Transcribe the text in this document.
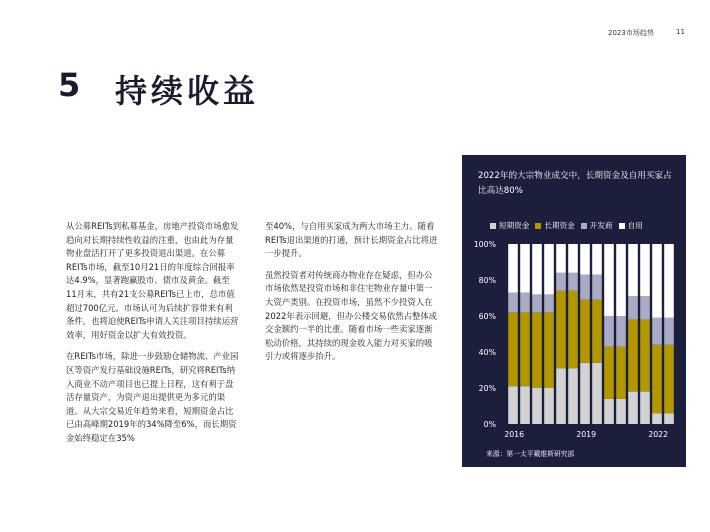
2023市场趋势	11
5 持续收益

从公募REITs到私募基金，房地产投资市场愈发趋向对长期持续性收益的注重，也由此为存量物业盘活打开了更多投资退出渠道。在公募REITs市场，截至10月21日的年度综合回报率达4.9%，显著跑赢股市、债市及黄金。截至11月末，共有21支公募REITs已上市，总市值超过700亿元。市场认可为后续扩容带来有利条件，也将迫使REITs申请人关注项目持续运营效率，用好资金以扩大有效投资。

在REITs市场，除进一步鼓励仓储物流、产业园区等资产发行基础设施REITs，研究将REITs纳入商业不动产项目也已提上日程，这有利于盘活存量资产，为资产退出提供更为多元的渠道。从大宗交易近年趋势来看，短期资金占比已由高峰期2019年的34%降至6%，而长期资金始终稳定在35%

至40%，与自用买家成为两大市场主力。随着REITs退出渠道的打通，预计长期资金占比将进一步提升。

虽然投资者对传统商办物业存在疑虑，但办公市场依然是投资市场和非住宅物业存量中第一大资产类别。在投资市场，虽然不少投资人在2022年表示回避，但办公楼交易依然占整体成交金额约一半的比重。随着市场一些卖家逐渐松动价格，其持续的现金收入能力对买家的吸引力或将逐步抬升。

2022年的大宗物业成交中，长期资金及自用买家占比高达80%
短期资金 长期资金 开发商 自用
0%
20%
40%
60%
80%
100%
2016	2019	2022
来源：第一太平戴维斯研究部
